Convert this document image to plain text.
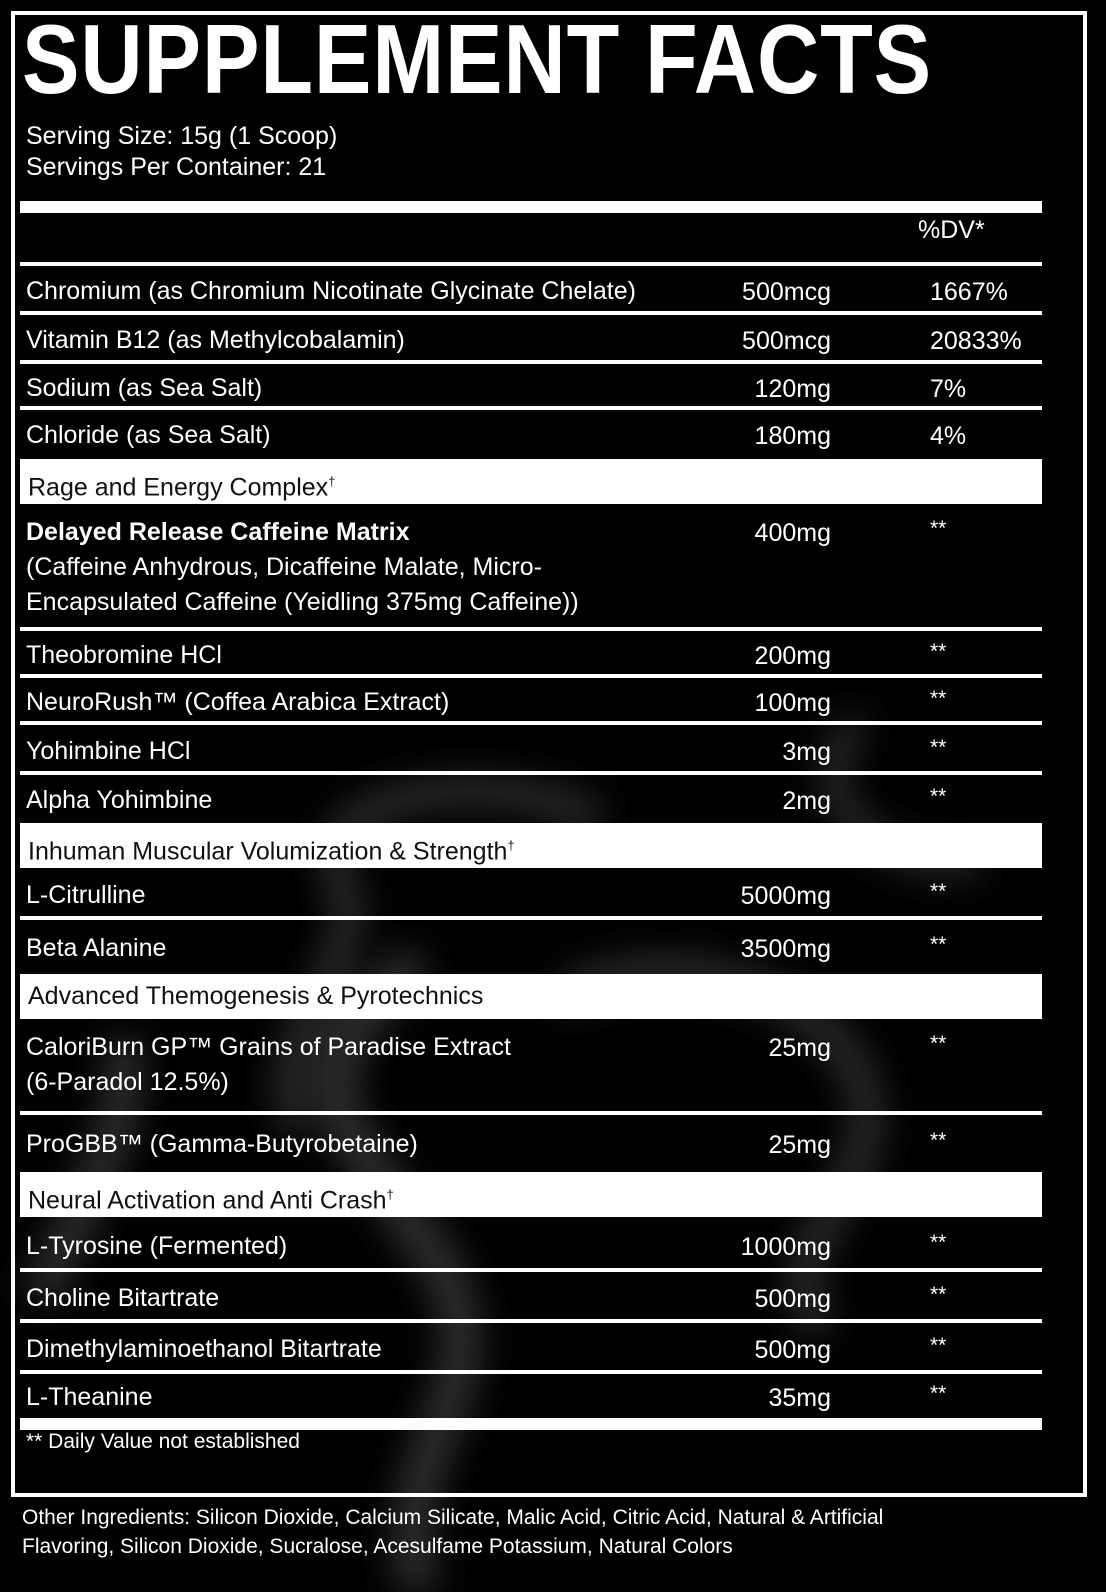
SUPPLEMENT FACTS
Serving Size: 15g (1 Scoop)
Servings Per Container: 21
%DV*
Chromium (as Chromium Nicotinate Glycinate Chelate)	500mcg	1667%
Vitamin B12 (as Methylcobalamin)	500mcg	20833%
Sodium (as Sea Salt)	120mg	7%
Chloride (as Sea Salt)	180mg	4%
Rage and Energy Complex†
Delayed Release Caffeine Matrix
(Caffeine Anhydrous, Dicaffeine Malate, Micro-
Encapsulated Caffeine (Yeidling 375mg Caffeine))
400mg	**
Theobromine HCl	200mg	**
NeuroRush™ (Coffea Arabica Extract)	100mg	**
Yohimbine HCl	3mg	**
Alpha Yohimbine	2mg	**
Inhuman Muscular Volumization & Strength†
L-Citrulline	5000mg	**
Beta Alanine	3500mg	**
Advanced Themogenesis & Pyrotechnics
CaloriBurn GP™ Grains of Paradise Extract
(6-Paradol 12.5%)
25mg	**
ProGBB™ (Gamma-Butyrobetaine)	25mg	**
Neural Activation and Anti Crash†
L-Tyrosine (Fermented)	1000mg	**
Choline Bitartrate	500mg	**
Dimethylaminoethanol Bitartrate	500mg	**
L-Theanine	35mg	**
** Daily Value not established
Other Ingredients: Silicon Dioxide, Calcium Silicate, Malic Acid, Citric Acid, Natural & Artificial
Flavoring, Silicon Dioxide, Sucralose, Acesulfame Potassium, Natural Colors
